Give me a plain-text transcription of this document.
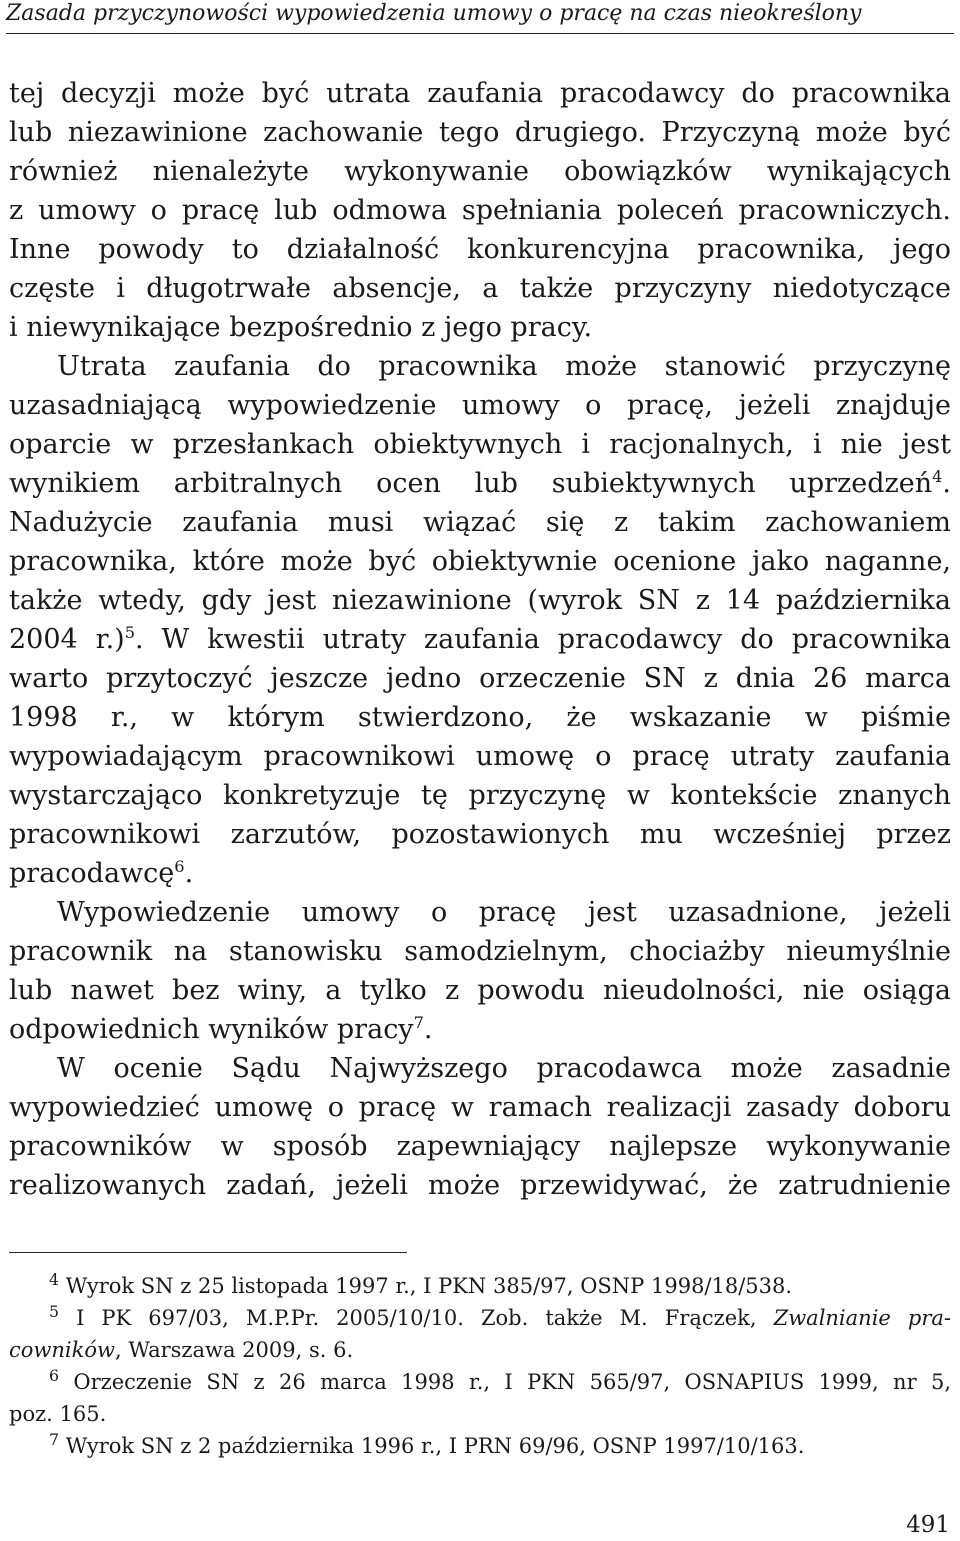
Zasada przyczynowości wypowiedzenia umowy o pracę na czas nieokreślony
tej decyzji może być utrata zaufania pracodawcy do pracownika
lub niezawinione zachowanie tego drugiego. Przyczyną może być
również nienależyte wykonywanie obowiązków wynikających
z umowy o pracę lub odmowa spełniania poleceń pracowniczych.
Inne powody to działalność konkurencyjna pracownika, jego
częste i długotrwałe absencje, a także przyczyny niedotyczące
i niewynikające bezpośrednio z jego pracy.
Utrata zaufania do pracownika może stanowić przyczynę
uzasadniającą wypowiedzenie umowy o pracę, jeżeli znajduje
oparcie w przesłankach obiektywnych i racjonalnych, i nie jest
wynikiem arbitralnych ocen lub subiektywnych uprzedzeń$^4$.
Nadużycie zaufania musi wiązać się z takim zachowaniem
pracownika, które może być obiektywnie ocenione jako naganne,
także wtedy, gdy jest niezawinione (wyrok SN z 14 października
2004 r.)$^5$. W kwestii utraty zaufania pracodawcy do pracownika
warto przytoczyć jeszcze jedno orzeczenie SN z dnia 26 marca
1998 r., w którym stwierdzono, że wskazanie w piśmie
wypowiadającym pracownikowi umowę o pracę utraty zaufania
wystarczająco konkretyzuje tę przyczynę w kontekście znanych
pracownikowi zarzutów, pozostawionych mu wcześniej przez
pracodawcę$^6$.
Wypowiedzenie umowy o pracę jest uzasadnione, jeżeli
pracownik na stanowisku samodzielnym, chociażby nieumyślnie
lub nawet bez winy, a tylko z powodu nieudolności, nie osiąga
odpowiednich wyników pracy$^7$.
W ocenie Sądu Najwyższego pracodawca może zasadnie
wypowiedzieć umowę o pracę w ramach realizacji zasady doboru
pracowników w sposób zapewniający najlepsze wykonywanie
realizowanych zadań, jeżeli może przewidywać, że zatrudnienie
$^4$ Wyrok SN z 25 listopada 1997 r., I PKN 385/97, OSNP 1998/18/538.
$^5$ I PK 697/03, M.P.Pr. 2005/10/10. Zob. także M. Frączek, Zwalnianie pra-
cowników, Warszawa 2009, s. 6.
$^6$ Orzeczenie SN z 26 marca 1998 r., I PKN 565/97, OSNAPIUS 1999, nr 5,
poz. 165.
$^7$ Wyrok SN z 2 października 1996 r., I PRN 69/96, OSNP 1997/10/163.
491
